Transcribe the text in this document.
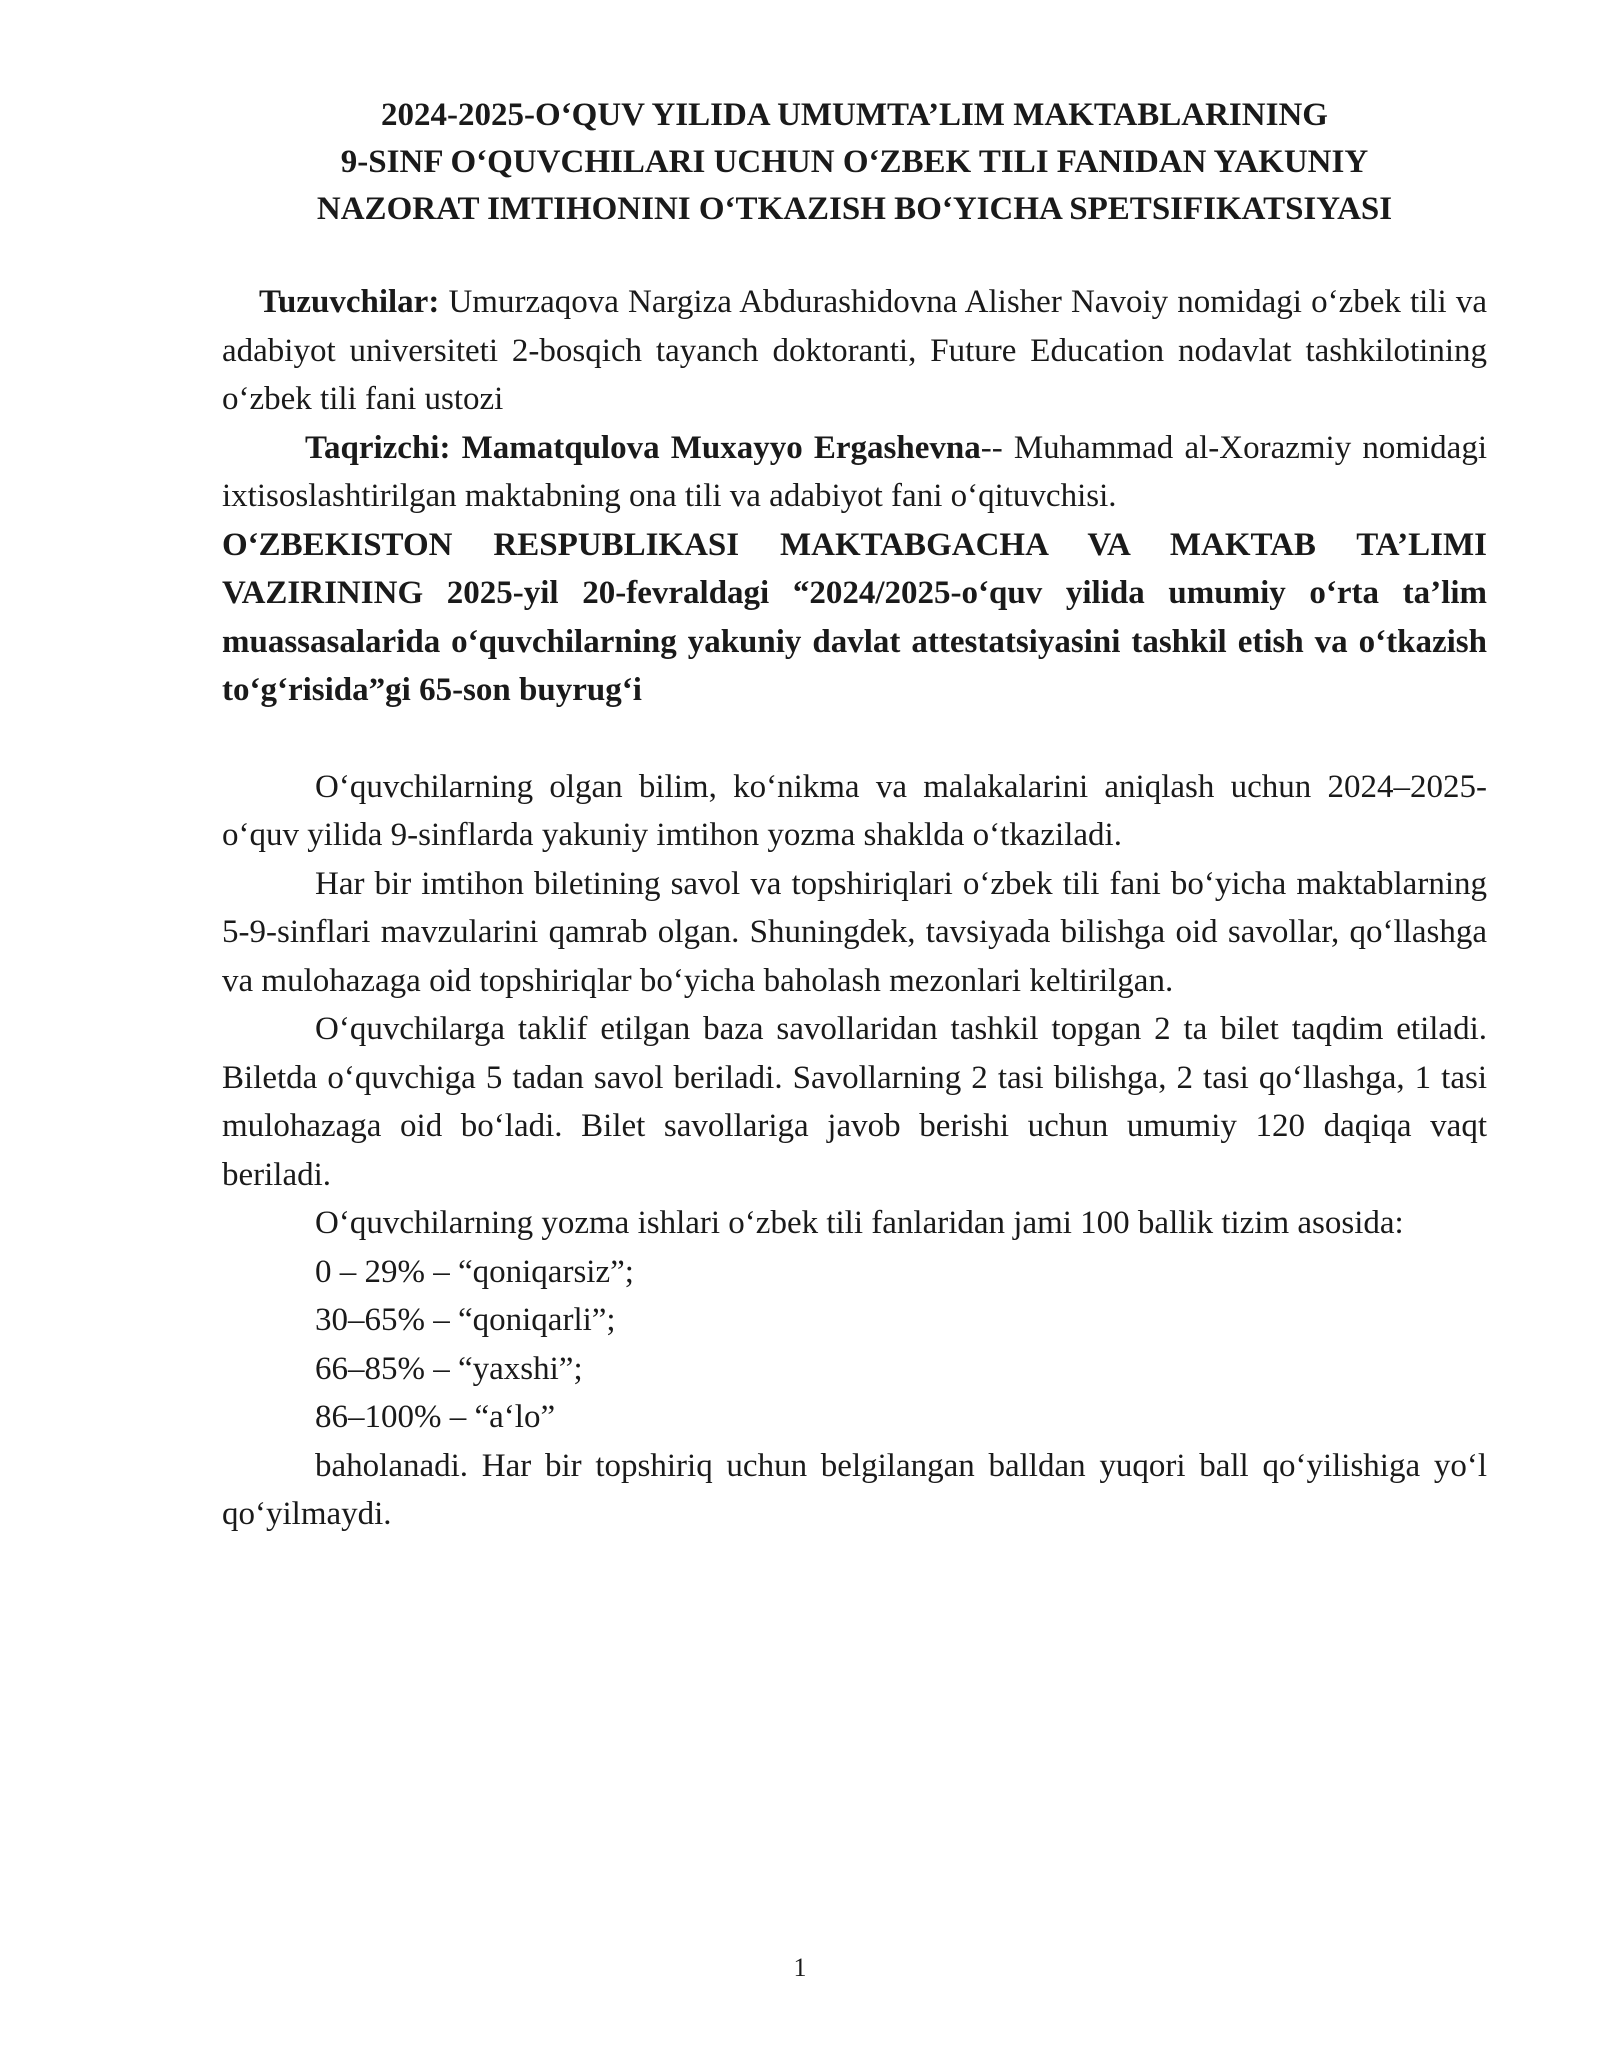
2024-2025-O‘QUV YILIDA UMUMTA’LIM MAKTABLARINING
9-SINF O‘QUVCHILARI UCHUN O‘ZBEK TILI FANIDAN YAKUNIY
NAZORAT IMTIHONINI O‘TKAZISH BO‘YICHA SPETSIFIKATSIYASI

Tuzuvchilar: Umurzaqova Nargiza Abdurashidovna Alisher Navoiy nomidagi o‘zbek tili va adabiyot universiteti 2-bosqich tayanch doktoranti, Future Education nodavlat tashkilotining o‘zbek tili fani ustozi

Taqrizchi: Mamatqulova Muxayyo Ergashevna-- Muhammad al-Xorazmiy nomidagi ixtisoslashtirilgan maktabning ona tili va adabiyot fani o‘qituvchisi.

O‘ZBEKISTON RESPUBLIKASI MAKTABGACHA VA MAKTAB TA’LIMI VAZIRINING 2025-yil 20-fevraldagi “2024/2025-o‘quv yilida umumiy o‘rta ta’lim muassasalarida o‘quvchilarning yakuniy davlat attestatsiyasini tashkil etish va o‘tkazish to‘g‘risida”gi 65-son buyrug‘i

O‘quvchilarning olgan bilim, ko‘nikma va malakalarini aniqlash uchun 2024–2025-o‘quv yilida 9-sinflarda yakuniy imtihon yozma shaklda o‘tkaziladi.

Har bir imtihon biletining savol va topshiriqlari o‘zbek tili fani bo‘yicha maktablarning 5-9-sinflari mavzularini qamrab olgan. Shuningdek, tavsiyada bilishga oid savollar, qo‘llashga va mulohazaga oid topshiriqlar bo‘yicha baholash mezonlari keltirilgan.

O‘quvchilarga taklif etilgan baza savollaridan tashkil topgan 2 ta bilet taqdim etiladi. Biletda o‘quvchiga 5 tadan savol beriladi. Savollarning 2 tasi bilishga, 2 tasi qo‘llashga, 1 tasi mulohazaga oid bo‘ladi. Bilet savollariga javob berishi uchun umumiy 120 daqiqa vaqt beriladi.

O‘quvchilarning yozma ishlari o‘zbek tili fanlaridan jami 100 ballik tizim asosida:

0 – 29% – “qoniqarsiz”;

30–65% – “qoniqarli”;

66–85% – “yaxshi”;

86–100% – “a‘lo”

baholanadi. Har bir topshiriq uchun belgilangan balldan yuqori ball qo‘yilishiga yo‘l qo‘yilmaydi.

1
